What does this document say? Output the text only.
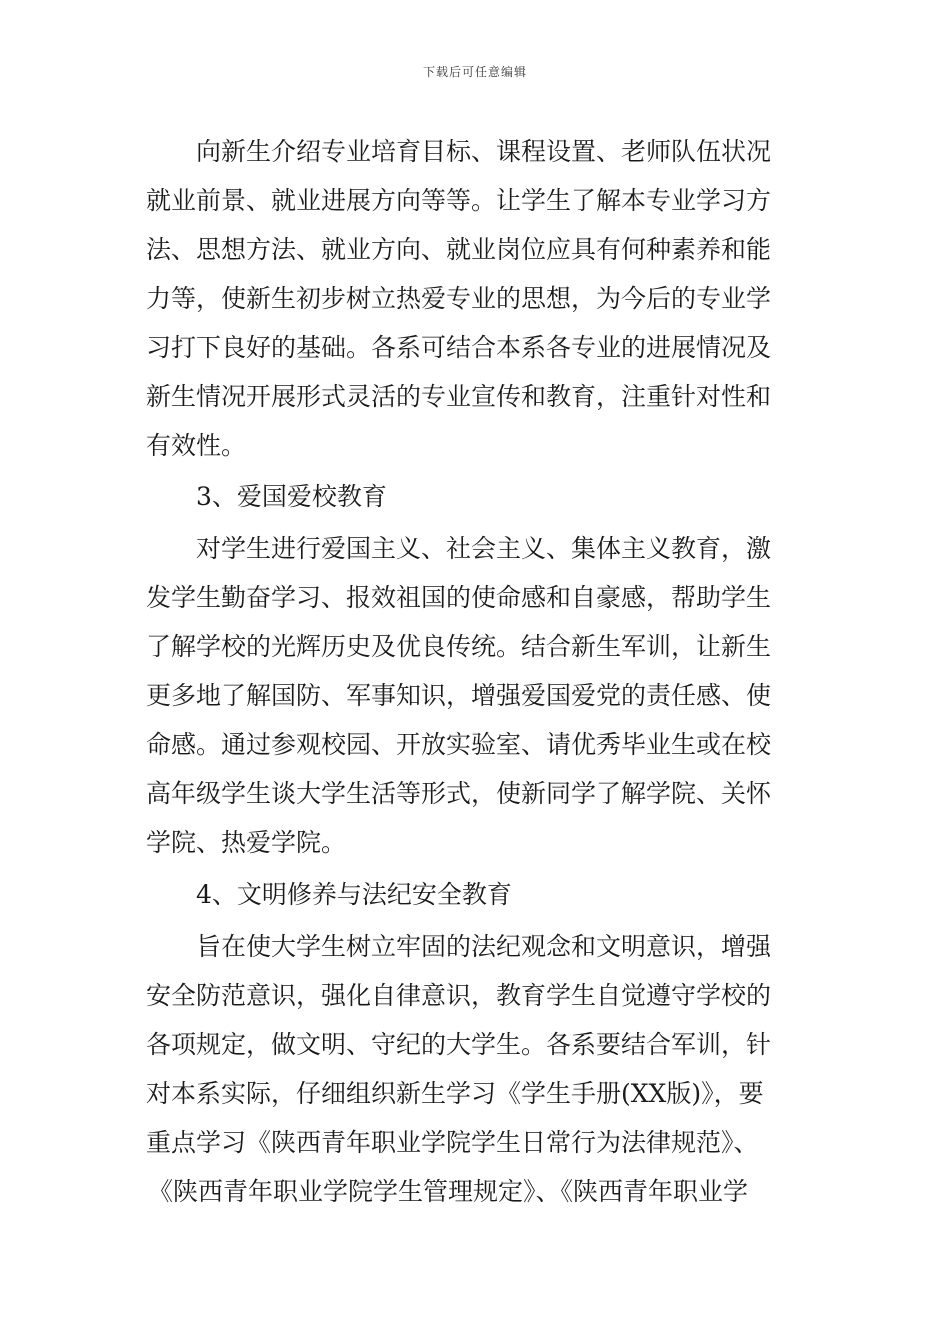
下载后可任意编辑
向新生介绍专业培育目标、课程设置、老师队伍状况
就业前景、就业进展方向等等。让学生了解本专业学习方
法、思想方法、就业方向、就业岗位应具有何种素养和能
力等，使新生初步树立热爱专业的思想，为今后的专业学
习打下良好的基础。各系可结合本系各专业的进展情况及
新生情况开展形式灵活的专业宣传和教育，注重针对性和
有效性。
3、爱国爱校教育
对学生进行爱国主义、社会主义、集体主义教育，激
发学生勤奋学习、报效祖国的使命感和自豪感，帮助学生
了解学校的光辉历史及优良传统。结合新生军训，让新生
更多地了解国防、军事知识，增强爱国爱党的责任感、使
命感。通过参观校园、开放实验室、请优秀毕业生或在校
高年级学生谈大学生活等形式，使新同学了解学院、关怀
学院、热爱学院。
4、文明修养与法纪安全教育
旨在使大学生树立牢固的法纪观念和文明意识，增强
安全防范意识，强化自律意识，教育学生自觉遵守学校的
各项规定，做文明、守纪的大学生。各系要结合军训，针
对本系实际，仔细组织新生学习《学生手册(XX版)》，要
重点学习《陕西青年职业学院学生日常行为法律规范》、
《陕西青年职业学院学生管理规定》、《陕西青年职业学
